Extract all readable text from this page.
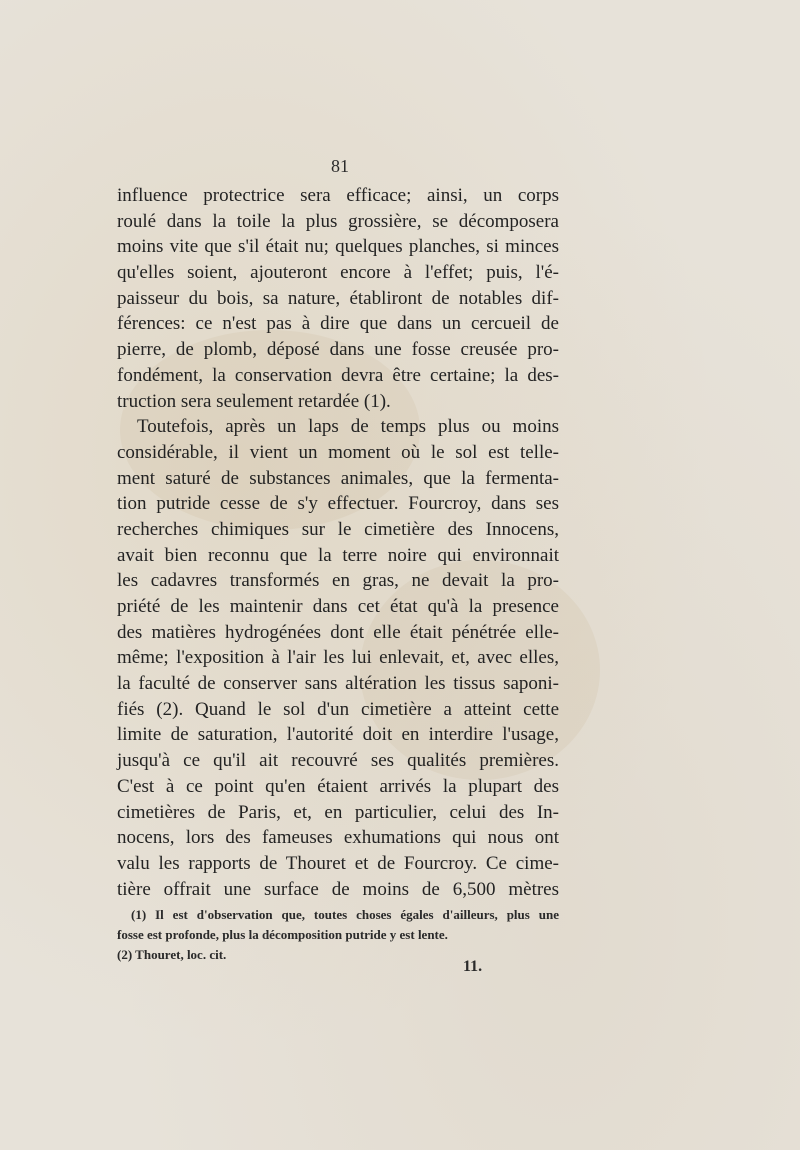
81
influence protectrice sera efficace; ainsi, un corps
roulé dans la toile la plus grossière, se décomposera
moins vite que s'il était nu; quelques planches, si minces
qu'elles soient, ajouteront encore à l'effet; puis, l'é-
paisseur du bois, sa nature, établiront de notables dif-
férences: ce n'est pas à dire que dans un cercueil de
pierre, de plomb, déposé dans une fosse creusée pro-
fondément, la conservation devra être certaine; la des-
truction sera seulement retardée (1).
Toutefois, après un laps de temps plus ou moins
considérable, il vient un moment où le sol est telle-
ment saturé de substances animales, que la fermenta-
tion putride cesse de s'y effectuer. Fourcroy, dans ses
recherches chimiques sur le cimetière des Innocens,
avait bien reconnu que la terre noire qui environnait
les cadavres transformés en gras, ne devait la pro-
priété de les maintenir dans cet état qu'à la presence
des matières hydrogénées dont elle était pénétrée elle-
même; l'exposition à l'air les lui enlevait, et, avec elles,
la faculté de conserver sans altération les tissus saponi-
fiés (2). Quand le sol d'un cimetière a atteint cette
limite de saturation, l'autorité doit en interdire l'usage,
jusqu'à ce qu'il ait recouvré ses qualités premières.
C'est à ce point qu'en étaient arrivés la plupart des
cimetières de Paris, et, en particulier, celui des In-
nocens, lors des fameuses exhumations qui nous ont
valu les rapports de Thouret et de Fourcroy. Ce cime-
tière offrait une surface de moins de 6,500 mètres
(1) Il est d'observation que, toutes choses égales d'ailleurs, plus une
fosse est profonde, plus la décomposition putride y est lente.
(2) Thouret, loc. cit.
11.
